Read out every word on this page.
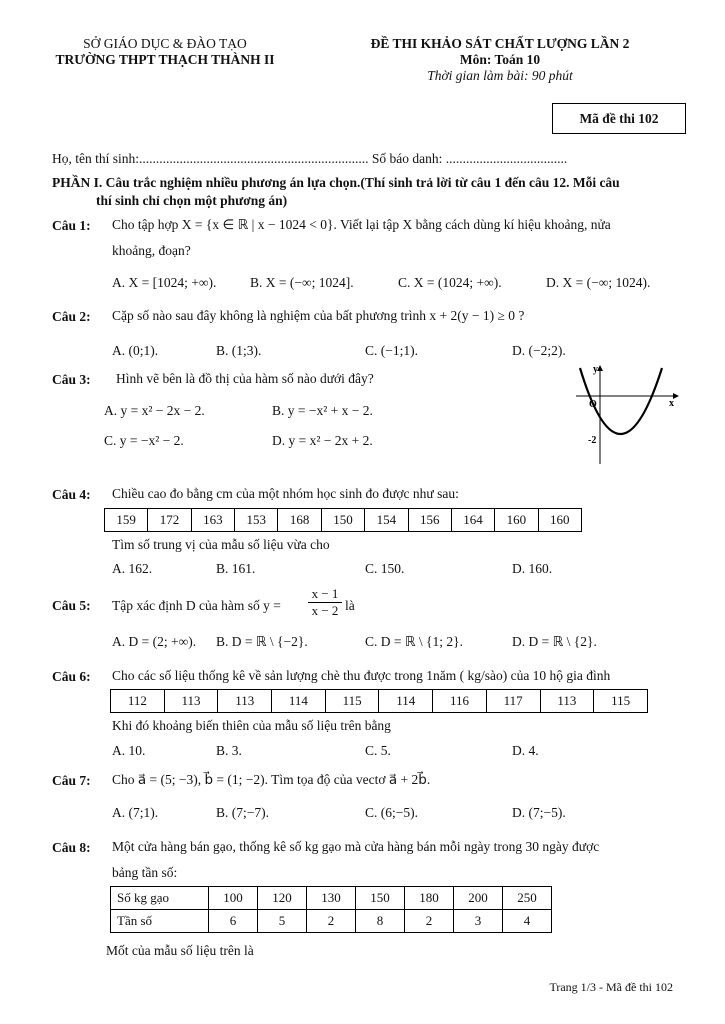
SỞ GIÁO DỤC & ĐÀO TẠO
TRƯỜNG THPT THẠCH THÀNH II
ĐỀ THI KHẢO SÁT CHẤT LƯỢNG LẦN 2
Môn: Toán 10
Thời gian làm bài: 90 phút
Mã đề thi 102
Họ, tên thí sinh:.................................................................... Số báo danh: ....................................
PHẦN I. Câu trắc nghiệm nhiều phương án lựa chọn.(Thí sinh trả lời từ câu 1 đến câu 12. Mỗi câu
thí sinh chỉ chọn một phương án)
Câu 1: Cho tập hợp X = {x ∈ ℝ | x − 1024 < 0}. Viết lại tập X bằng cách dùng kí hiệu khoảng, nửa
khoảng, đoạn?
A. X = [1024; +∞). B. X = (−∞; 1024].	C. X = (1024; +∞).	D. X = (−∞; 1024).
Câu 2: Cặp số nào sau đây không là nghiệm của bất phương trình x + 2(y − 1) ≥ 0 ?
A. (0;1).	B. (1;3).	C. (−1;1).	D. (−2;2).
Câu 3: Hình vẽ bên là đồ thị của hàm số nào dưới đây?
A. y = x² − 2x − 2.	B. y = −x² + x − 2.
C. y = −x² − 2.	D. y = x² − 2x + 2.
y
x
O
-2
Câu 4: Chiều cao đo bằng cm của một nhóm học sinh đo được như sau:
159	172	163	153	168	150	154	156	164	160	160
Tìm số trung vị của mẫu số liệu vừa cho
A. 162.	B. 161.	C. 150.	D. 160.
Câu 5: Tập xác định D của hàm số $y = \frac{x - 1}{x - 2}$ là
A. D = (2; +∞). B. D = ℝ \ {−2}.	C. D = ℝ \ {1; 2}.	D. D = ℝ \ {2}.
Câu 6: Cho các số liệu thống kê về sản lượng chè thu được trong 1năm ( kg/sào) của 10 hộ gia đình
112	113	113	114	115	114	116	117	113	115
Khi đó khoảng biến thiên của mẫu số liệu trên bằng
A. 10.	B. 3.	C. 5.	D. 4.
Câu 7: Cho a⃗ = (5; −3), b⃗ = (1; −2). Tìm tọa độ của vectơ a⃗ + 2b⃗.
A. (7;1).	B. (7;−7).	C. (6;−5).	D. (7;−5).
Câu 8: Một cửa hàng bán gạo, thống kê số kg gạo mà cửa hàng bán mỗi ngày trong 30 ngày được
bảng tần số:
Số kg gạo	100	120	130	150	180	200	250
Tần số	6	5	2	8	2	3	4
Mốt của mẫu số liệu trên là
Trang 1/3 - Mã đề thi 102
